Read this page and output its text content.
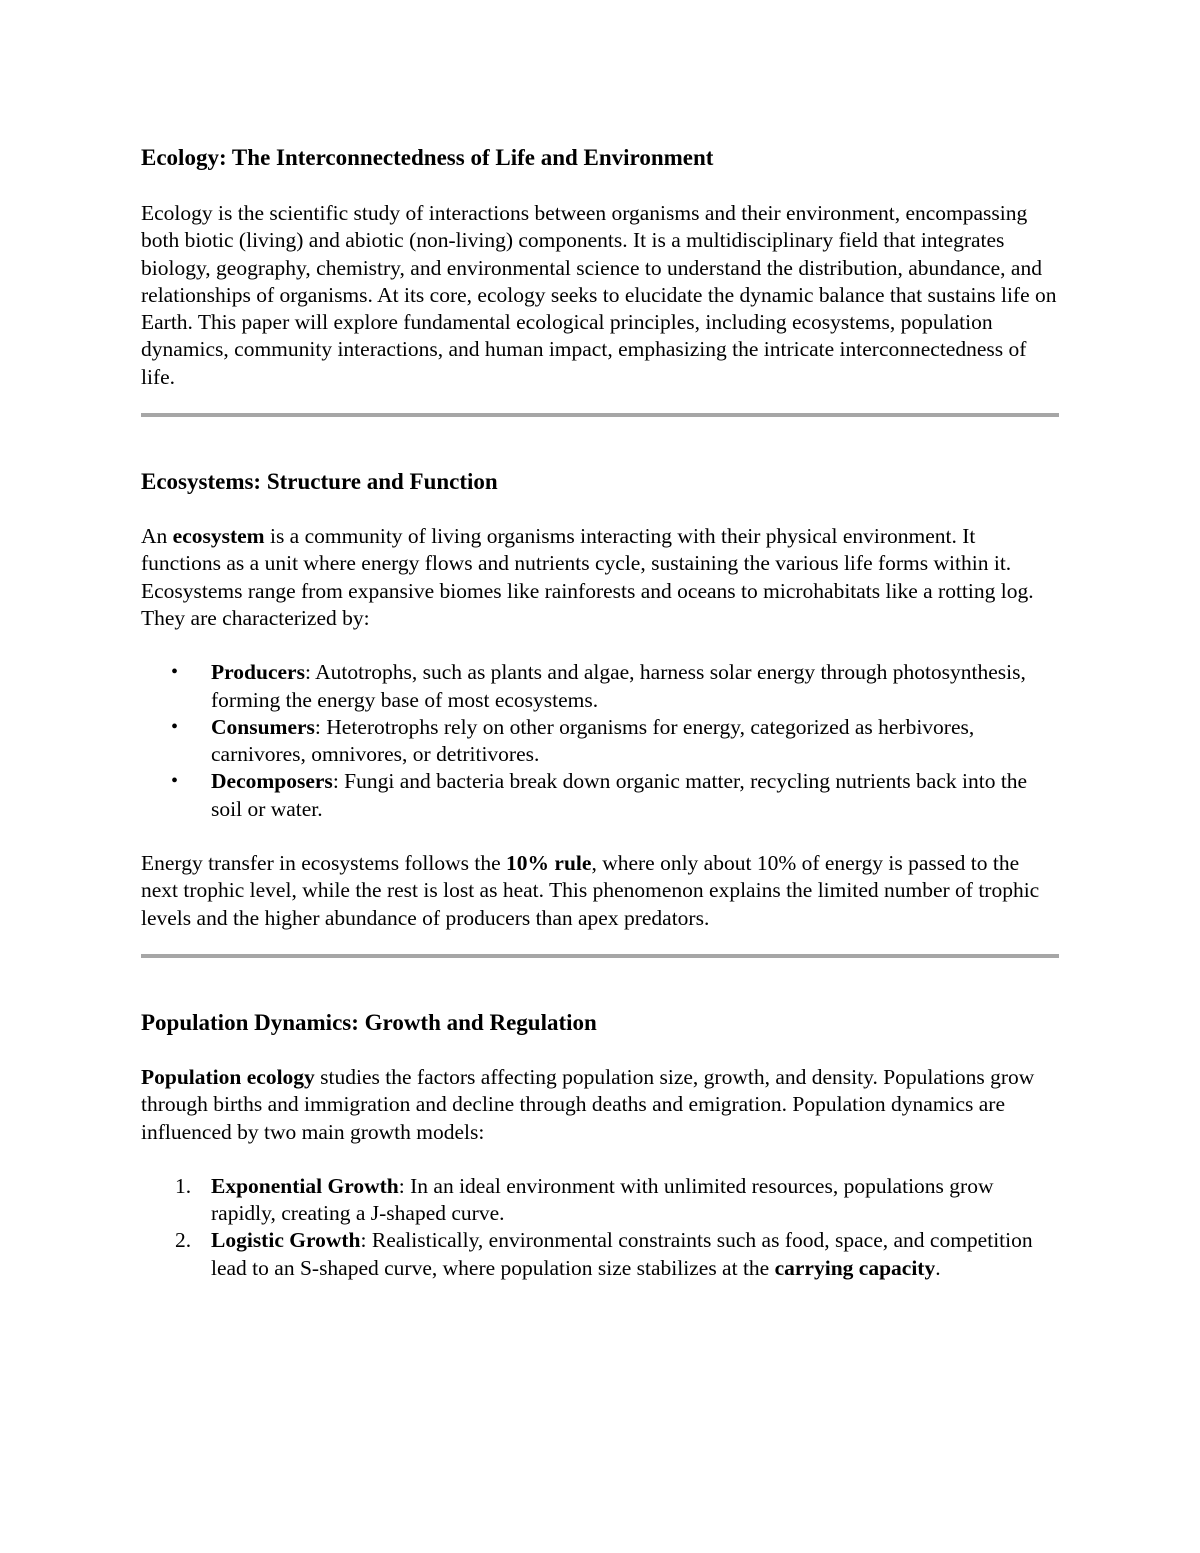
Ecology: The Interconnectedness of Life and Environment

Ecology is the scientific study of interactions between organisms and their environment, encompassing both biotic (living) and abiotic (non-living) components. It is a multidisciplinary field that integrates biology, geography, chemistry, and environmental science to understand the distribution, abundance, and relationships of organisms. At its core, ecology seeks to elucidate the dynamic balance that sustains life on Earth. This paper will explore fundamental ecological principles, including ecosystems, population dynamics, community interactions, and human impact, emphasizing the intricate interconnectedness of life.

Ecosystems: Structure and Function

An ecosystem is a community of living organisms interacting with their physical environment. It functions as a unit where energy flows and nutrients cycle, sustaining the various life forms within it. Ecosystems range from expansive biomes like rainforests and oceans to microhabitats like a rotting log. They are characterized by:

• Producers: Autotrophs, such as plants and algae, harness solar energy through photosynthesis, forming the energy base of most ecosystems.
• Consumers: Heterotrophs rely on other organisms for energy, categorized as herbivores, carnivores, omnivores, or detritivores.
• Decomposers: Fungi and bacteria break down organic matter, recycling nutrients back into the soil or water.

Energy transfer in ecosystems follows the 10% rule, where only about 10% of energy is passed to the next trophic level, while the rest is lost as heat. This phenomenon explains the limited number of trophic levels and the higher abundance of producers than apex predators.

Population Dynamics: Growth and Regulation

Population ecology studies the factors affecting population size, growth, and density. Populations grow through births and immigration and decline through deaths and emigration. Population dynamics are influenced by two main growth models:

1. Exponential Growth: In an ideal environment with unlimited resources, populations grow rapidly, creating a J-shaped curve.
2. Logistic Growth: Realistically, environmental constraints such as food, space, and competition lead to an S-shaped curve, where population size stabilizes at the carrying capacity.
